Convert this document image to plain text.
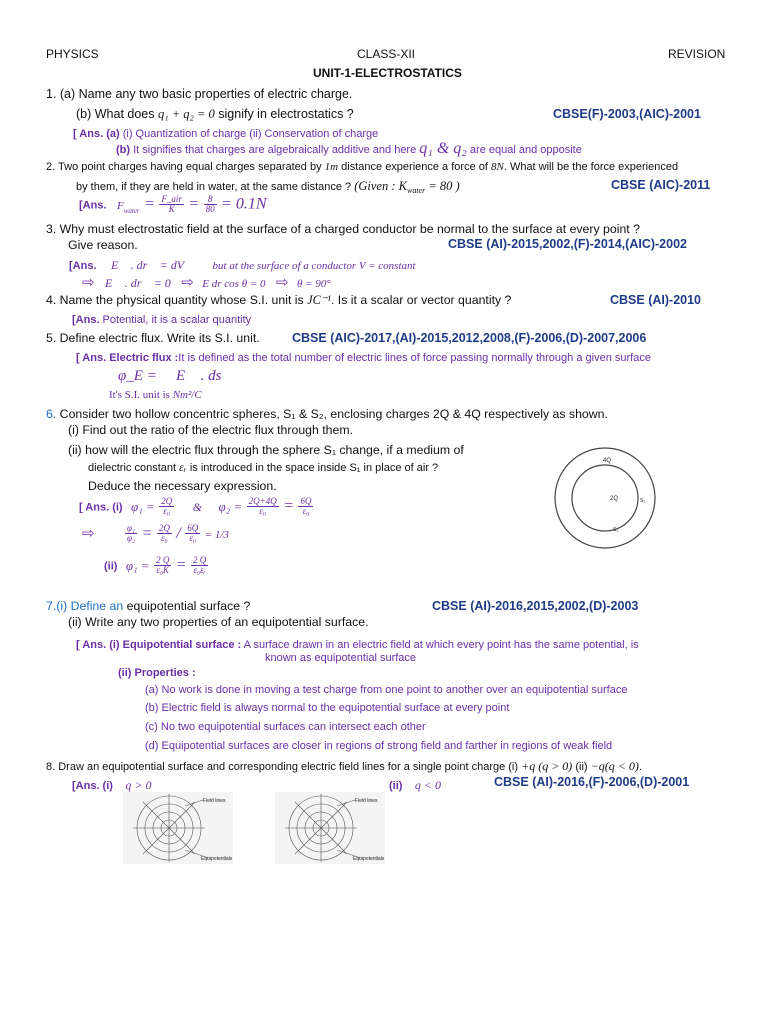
PHYSICS	CLASS-XII	REVISION
UNIT-1-ELECTROSTATICS
1. (a) Name any two basic properties of electric charge.
(b) What does q₁ + q₂ = 0 signify in electrostatics ?	CBSE(F)-2003,(AIC)-2001
[ Ans. (a) (i) Quantization of charge (ii) Conservation of charge
(b) It signifies that charges are algebraically additive and here q₁ & q₂ are equal and opposite
2. Two point charges having equal charges separated by 1m distance experience a force of 8N. What will be the force experienced
by them, if they are held in water, at the same distance ? (Given : $K_{water} = 80$ )	CBSE (AIC)-2011
[Ans. $F_{water} = \frac{\text{F\_air}}{K} = \frac{8}{80} = 0.1N$
3. Why must electrostatic field at the surface of a charged conductor be normal to the surface at every point ?
Give reason.	CBSE (AI)-2015,2002,(F)-2014,(AIC)-2002
[Ans. E⃗ . dr⃗ = dV	but at the surface of a conductor V = constant
⇨ E⃗ . dr⃗ = 0 ⇨ E dr cos θ = 0 ⇨ θ = 90°
4. Name the physical quantity whose S.I. unit is JC⁻¹. Is it a scalar or vector quantity ?	CBSE (AI)-2010
[Ans. Potential, it is a scalar quantity
5. Define electric flux. Write its S.I. unit.	CBSE (AIC)-2017,(AI)-2015,2012,2008,(F)-2006,(D)-2007,2006
[ Ans. Electric flux :It is defined as the total number of electric lines of force passing normally through a given surface
φ_E = ∮ E⃗ . ds⃗
It's S.I. unit is Nm²/C
6. Consider two hollow concentric spheres, S₁ & S₂, enclosing charges 2Q & 4Q respectively as shown.
(i) Find out the ratio of the electric flux through them.
(ii) how will the electric flux through the sphere S₁ change, if a medium of
dielectric constant εᵣ is introduced in the space inside S₁ in place of air ?
Deduce the necessary expression.
[ Ans. (i) $\varphi_1 = \frac{2Q}{\text{ε₀}}$ & $\varphi_2 = \frac{2Q+4Q}{\text{ε₀}} = \frac{6Q}{\text{ε₀}}$
⇨	$\frac{\text{φ₁}}{\text{φ₂}} = \frac{2Q}{\text{ε₀}} / \frac{6Q}{\text{ε₀}} = 1/3$
(ii) $\varphi_1 = \frac{2 Q}{\text{ε₀K}} = \frac{2 Q}{\text{ε₀εᵣ}}$
4Q
2Q	S₂
S₁
7.(i) Define an equipotential surface ?	CBSE (AI)-2016,2015,2002,(D)-2003
(ii) Write any two properties of an equipotential surface.
[ Ans. (i) Equipotential surface : A surface drawn in an electric field at which every point has the same potential, is
known as equipotential surface
(ii) Properties :
(a) No work is done in moving a test charge from one point to another over an equipotential surface
(b) Electric field is always normal to the equipotential surface at every point
(c) No two equipotential surfaces can intersect each other
(d) Equipotential surfaces are closer in regions of strong field and farther in regions of weak field
8. Draw an equipotential surface and corresponding electric field lines for a single point charge (i) +q (q > 0) (ii) −q(q < 0).
[Ans. (i) q > 0	(ii) q < 0	CBSE (AI)-2016,(F)-2006,(D)-2001
Field lines
Equipotentials
Field lines
Equipotentials
